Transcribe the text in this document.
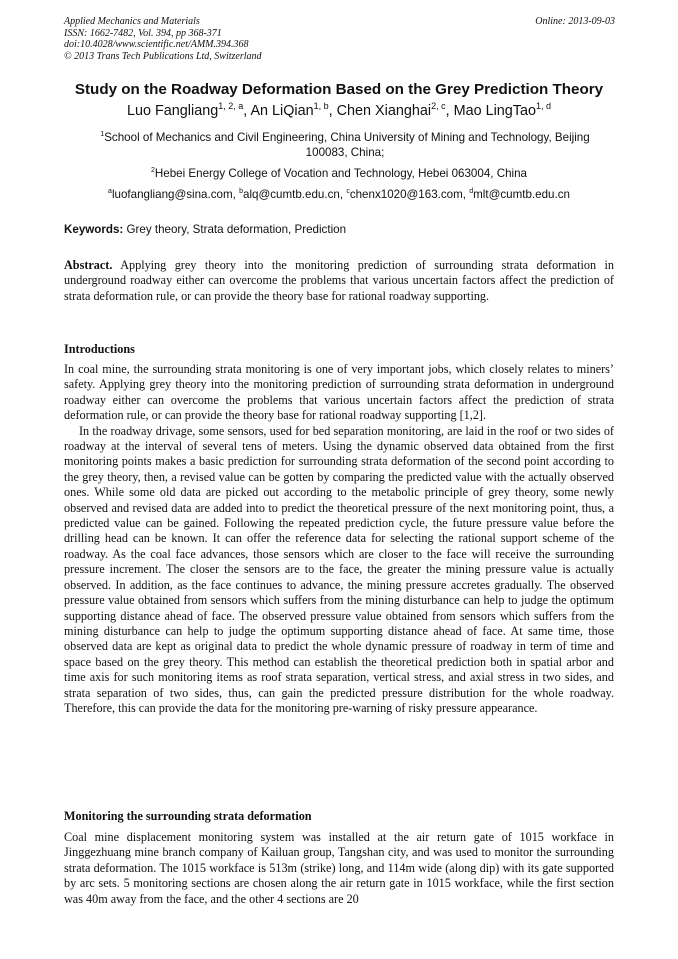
Applied Mechanics and Materials
ISSN: 1662-7482, Vol. 394, pp 368-371
doi:10.4028/www.scientific.net/AMM.394.368
© 2013 Trans Tech Publications Ltd, Switzerland
Online: 2013-09-03
Study on the Roadway Deformation Based on the Grey Prediction Theory
Luo Fangliang$^{1, 2, a}$, An LiQian$^{1, b}$, Chen Xianghai$^{2, c}$, Mao LingTao$^{1, d}$
$^1$School of Mechanics and Civil Engineering, China University of Mining and Technology, Beijing 100083, China;
$^2$Hebei Energy College of Vocation and Technology, Hebei 063004, China
$^a$luofangliang@sina.com, $^b$alq@cumtb.edu.cn, $^c$chenx1020@163.com, $^d$mlt@cumtb.edu.cn
Keywords: Grey theory, Strata deformation, Prediction

Abstract. Applying grey theory into the monitoring prediction of surrounding strata deformation in underground roadway either can overcome the problems that various uncertain factors affect the prediction of strata deformation rule, or can provide the theory base for rational roadway supporting.

Introductions

In coal mine, the surrounding strata monitoring is one of very important jobs, which closely relates to miners’ safety. Applying grey theory into the monitoring prediction of surrounding strata deformation in underground roadway either can overcome the problems that various uncertain factors affect the prediction of strata deformation rule, or can provide the theory base for rational roadway supporting [1,2].

In the roadway drivage, some sensors, used for bed separation monitoring, are laid in the roof or two sides of roadway at the interval of several tens of meters. Using the dynamic observed data obtained from the first monitoring points makes a basic prediction for surrounding strata deformation of the second point according to the grey theory, then, a revised value can be gotten by comparing the predicted value with the actually observed ones. While some old data are picked out according to the metabolic principle of grey theory, some newly observed and revised data are added into to predict the theoretical pressure of the next monitoring point, thus, a predicted value can be gained. Following the repeated prediction cycle, the future pressure value before the drilling head can be known. It can offer the reference data for selecting the rational support scheme of the roadway. As the coal face advances, those sensors which are closer to the face will receive the surrounding pressure increment. The closer the sensors are to the face, the greater the mining pressure value is actually observed. In addition, as the face continues to advance, the mining pressure accretes gradually. The observed pressure value obtained from sensors which suffers from the mining disturbance can help to judge the optimum supporting distance ahead of face. The observed pressure value obtained from sensors which suffers from the mining disturbance can help to judge the optimum supporting distance ahead of face. At same time, those observed data are kept as original data to predict the whole dynamic pressure of roadway in term of time and space based on the grey theory. This method can establish the theoretical prediction both in spatial arbor and time axis for such monitoring items as roof strata separation, vertical stress, and axial stress in two sides, and strata separation of two sides, thus, can gain the predicted pressure distribution for the whole roadway. Therefore, this can provide the data for the monitoring pre-warning of risky pressure appearance.

Monitoring the surrounding strata deformation

Coal mine displacement monitoring system was installed at the air return gate of 1015 workface in Jinggezhuang mine branch company of Kailuan group, Tangshan city, and was used to monitor the surrounding strata deformation. The 1015 workface is 513m (strike) long, and 114m wide (along dip) with its gate supported by arc sets. 5 monitoring sections are chosen along the air return gate in 1015 workface, while the first section was 40m away from the face, and the other 4 sections are 20
